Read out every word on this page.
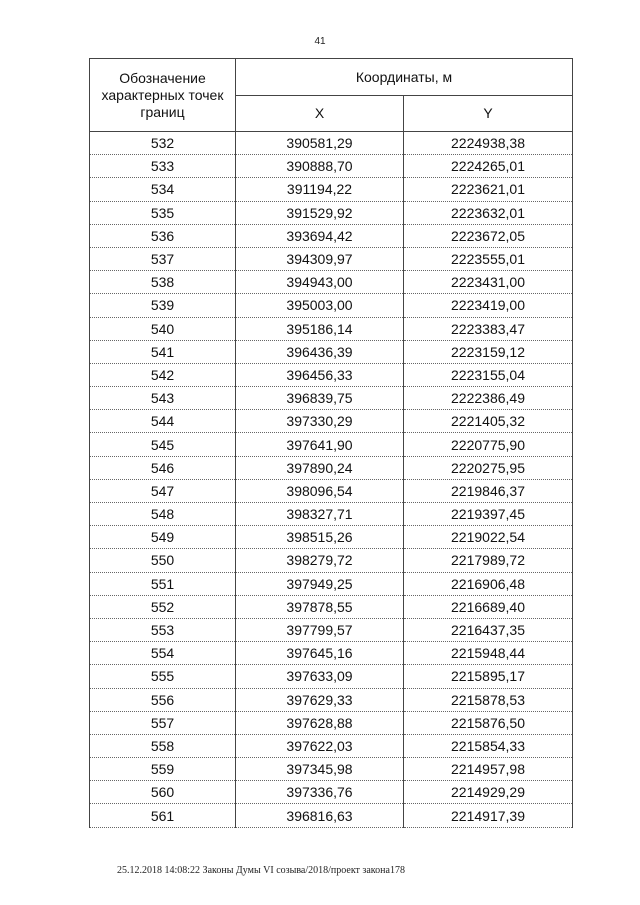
41
Обозначение характерных точек границ	Координаты, м	
	X	Y
532	390581,29	2224938,38
533	390888,70	2224265,01
534	391194,22	2223621,01
535	391529,92	2223632,01
536	393694,42	2223672,05
537	394309,97	2223555,01
538	394943,00	2223431,00
539	395003,00	2223419,00
540	395186,14	2223383,47
541	396436,39	2223159,12
542	396456,33	2223155,04
543	396839,75	2222386,49
544	397330,29	2221405,32
545	397641,90	2220775,90
546	397890,24	2220275,95
547	398096,54	2219846,37
548	398327,71	2219397,45
549	398515,26	2219022,54
550	398279,72	2217989,72
551	397949,25	2216906,48
552	397878,55	2216689,40
553	397799,57	2216437,35
554	397645,16	2215948,44
555	397633,09	2215895,17
556	397629,33	2215878,53
557	397628,88	2215876,50
558	397622,03	2215854,33
559	397345,98	2214957,98
560	397336,76	2214929,29
561	396816,63	2214917,39
25.12.2018 14:08:22 Законы Думы VI созыва/2018/проект закона178
